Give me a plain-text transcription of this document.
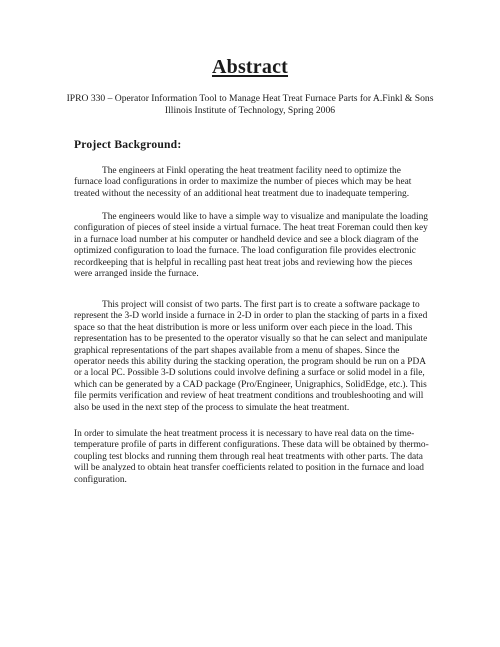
Abstract
IPRO 330 – Operator Information Tool to Manage Heat Treat Furnace Parts for A.Finkl & Sons
Illinois Institute of Technology, Spring 2006
Project Background:

The engineers at Finkl operating the heat treatment facility need to optimize the furnace load configurations in order to maximize the number of pieces which may be heat treated without the necessity of an additional heat treatment due to inadequate tempering.

The engineers would like to have a simple way to visualize and manipulate the loading configuration of pieces of steel inside a virtual furnace. The heat treat Foreman could then key in a furnace load number at his computer or handheld device and see a block diagram of the optimized configuration to load the furnace. The load configuration file provides electronic recordkeeping that is helpful in recalling past heat treat jobs and reviewing how the pieces were arranged inside the furnace.

This project will consist of two parts. The first part is to create a software package to represent the 3-D world inside a furnace in 2-D in order to plan the stacking of parts in a fixed space so that the heat distribution is more or less uniform over each piece in the load. This representation has to be presented to the operator visually so that he can select and manipulate graphical representations of the part shapes available from a menu of shapes. Since the operator needs this ability during the stacking operation, the program should be run on a PDA or a local PC. Possible 3-D solutions could involve defining a surface or solid model in a file, which can be generated by a CAD package (Pro/Engineer, Unigraphics, SolidEdge, etc.). This file permits verification and review of heat treatment conditions and troubleshooting and will also be used in the next step of the process to simulate the heat treatment.

In order to simulate the heat treatment process it is necessary to have real data on the time-temperature profile of parts in different configurations. These data will be obtained by thermo-coupling test blocks and running them through real heat treatments with other parts. The data will be analyzed to obtain heat transfer coefficients related to position in the furnace and load configuration.
